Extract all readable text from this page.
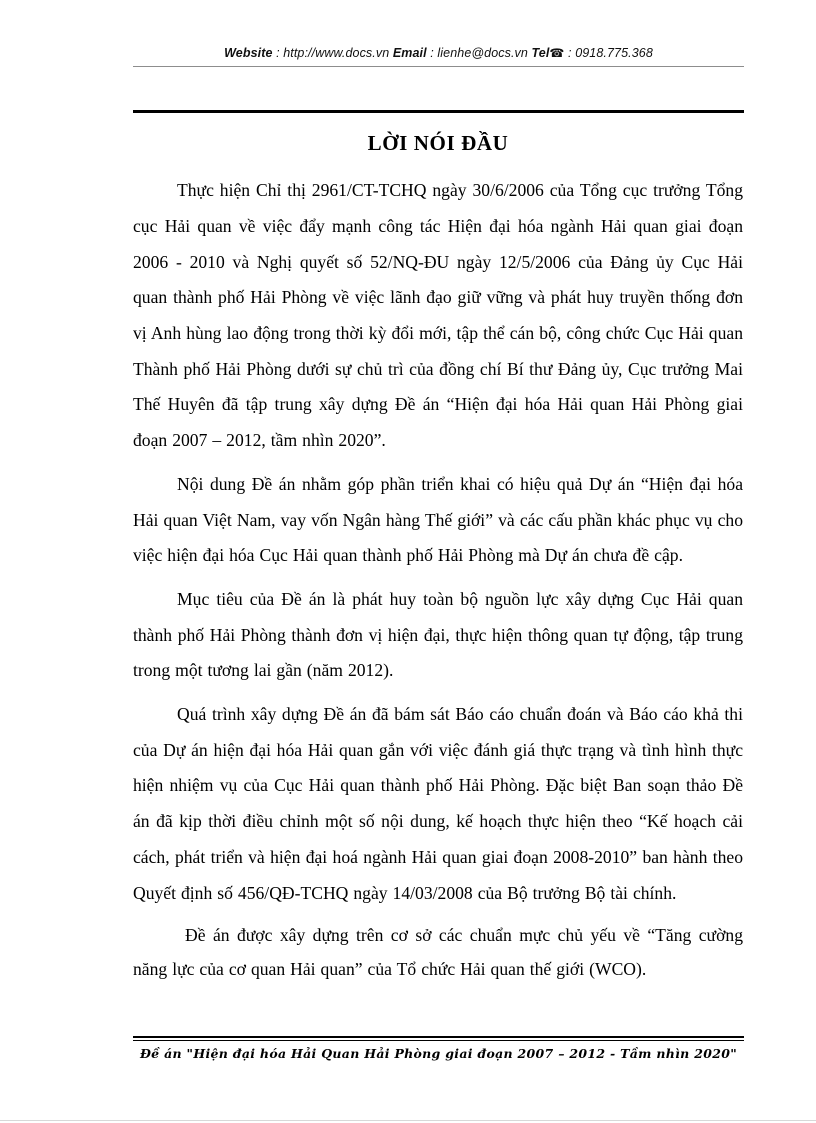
Website : http://www.docs.vn Email : lienhe@docs.vn Tel☎ : 0918.775.368
LỜI NÓI ĐẦU

Thực hiện Chỉ thị 2961/CT-TCHQ ngày 30/6/2006 của Tổng cục trưởng Tổng cục Hải quan về việc đẩy mạnh công tác Hiện đại hóa ngành Hải quan giai đoạn 2006 - 2010 và Nghị quyết số 52/NQ-ĐU ngày 12/5/2006 của Đảng ủy Cục Hải quan thành phố Hải Phòng về việc lãnh đạo giữ vững và phát huy truyền thống đơn vị Anh hùng lao động trong thời kỳ đổi mới, tập thể cán bộ, công chức Cục Hải quan Thành phố Hải Phòng dưới sự chủ trì của đồng chí Bí thư Đảng ủy, Cục trưởng Mai Thế Huyên đã tập trung xây dựng Đề án “Hiện đại hóa Hải quan Hải Phòng giai đoạn 2007 – 2012, tầm nhìn 2020”.

Nội dung Đề án nhằm góp phần triển khai có hiệu quả Dự án “Hiện đại hóa Hải quan Việt Nam, vay vốn Ngân hàng Thế giới” và các cấu phần khác phục vụ cho việc hiện đại hóa Cục Hải quan thành phố Hải Phòng mà Dự án chưa đề cập.

Mục tiêu của Đề án là phát huy toàn bộ nguồn lực xây dựng Cục Hải quan thành phố Hải Phòng thành đơn vị hiện đại, thực hiện thông quan tự động, tập trung trong một tương lai gần (năm 2012).

Quá trình xây dựng Đề án đã bám sát Báo cáo chuẩn đoán và Báo cáo khả thi của Dự án hiện đại hóa Hải quan gắn với việc đánh giá thực trạng và tình hình thực hiện nhiệm vụ của Cục Hải quan thành phố Hải Phòng. Đặc biệt Ban soạn thảo Đề án đã kịp thời điều chỉnh một số nội dung, kế hoạch thực hiện theo “Kế hoạch cải cách, phát triển và hiện đại hoá ngành Hải quan giai đoạn 2008-2010” ban hành theo Quyết định số 456/QĐ-TCHQ ngày 14/03/2008 của Bộ trưởng Bộ tài chính.

Đề án được xây dựng trên cơ sở các chuẩn mực chủ yếu về “Tăng cường năng lực của cơ quan Hải quan” của Tổ chức Hải quan thế giới (WCO).

Đề án "Hiện đại hóa Hải Quan Hải Phòng giai đoạn 2007 – 2012 - Tầm nhìn 2020"
